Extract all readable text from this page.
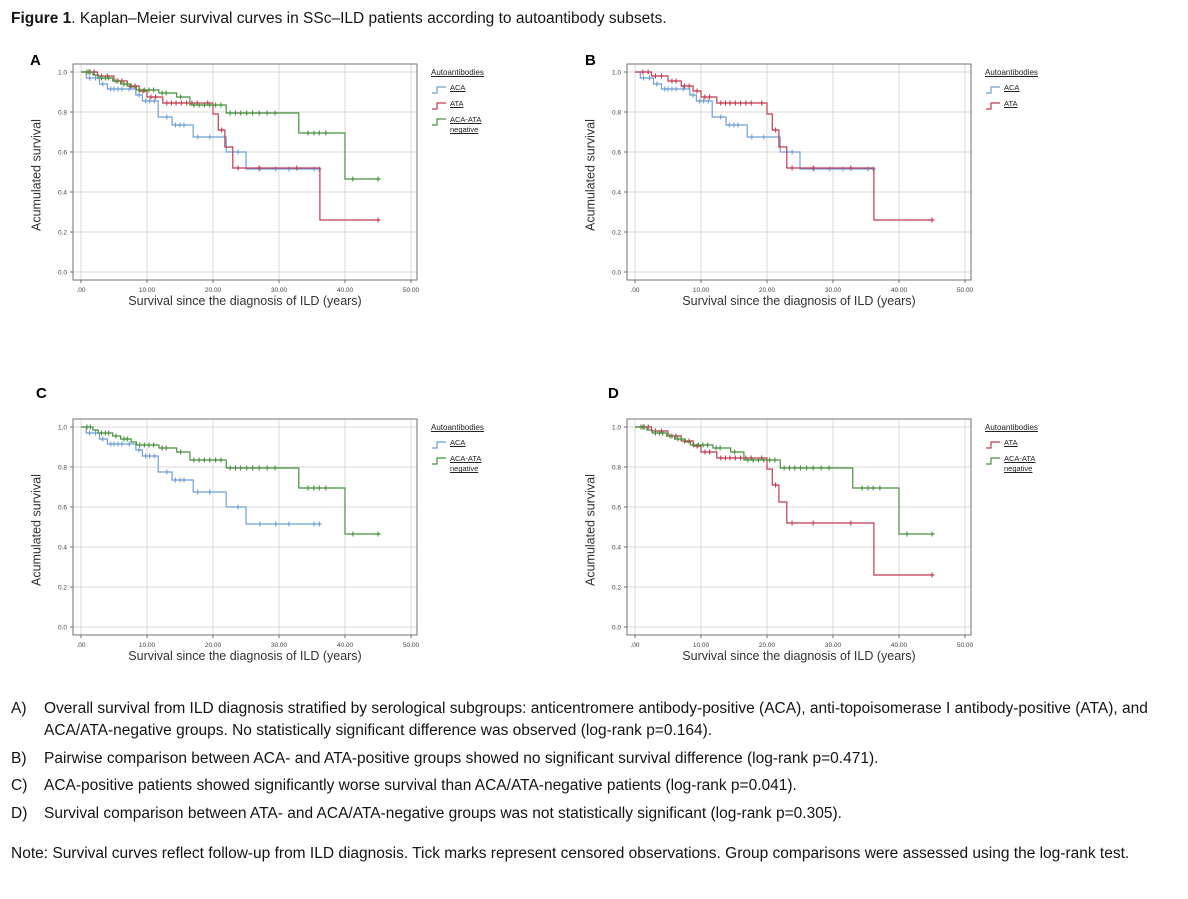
Figure 1. Kaplan–Meier survival curves in SSc–ILD patients according to autoantibody subsets.
A
Acumulated survival
.00	10.00	20.00	30.00	40.00	50.00
0.0
0.2
0.4
0.6
0.8
1.0
Survival since the diagnosis of ILD (years)
Autoantibodies
ACA
ATA
ACA-ATA negative
B
Acumulated survival
.00	10.00	20.00	30.00	40.00	50.00
0.0
0.2
0.4
0.6
0.8
1.0
Survival since the diagnosis of ILD (years)
Autoantibodies
ACA
ATA
C
Acumulated survival
.00	10.00	20.00	30.00	40.00	50.00
0.0
0.2
0.4
0.6
0.8
1.0
Survival since the diagnosis of ILD (years)
Autoantibodies
ACA
ACA-ATA negative
D
Acumulated survival
.00	10.00	20.00	30.00	40.00	50.00
0.0
0.2
0.4
0.6
0.8
1.0
Survival since the diagnosis of ILD (years)
Autoantibodies
ATA
ACA-ATA negative
A)	Overall survival from ILD diagnosis stratified by serological subgroups: anticentromere antibody-positive (ACA), anti-topoisomerase I antibody-positive (ATA), and ACA/ATA-negative groups. No statistically significant difference was observed (log-rank p=0.164).
B)	Pairwise comparison between ACA- and ATA-positive groups showed no significant survival difference (log-rank p=0.471).
C)	ACA-positive patients showed significantly worse survival than ACA/ATA-negative patients (log-rank p=0.041).
D)	Survival comparison between ATA- and ACA/ATA-negative groups was not statistically significant (log-rank p=0.305).

Note: Survival curves reflect follow-up from ILD diagnosis. Tick marks represent censored observations. Group comparisons were assessed using the log-rank test.
